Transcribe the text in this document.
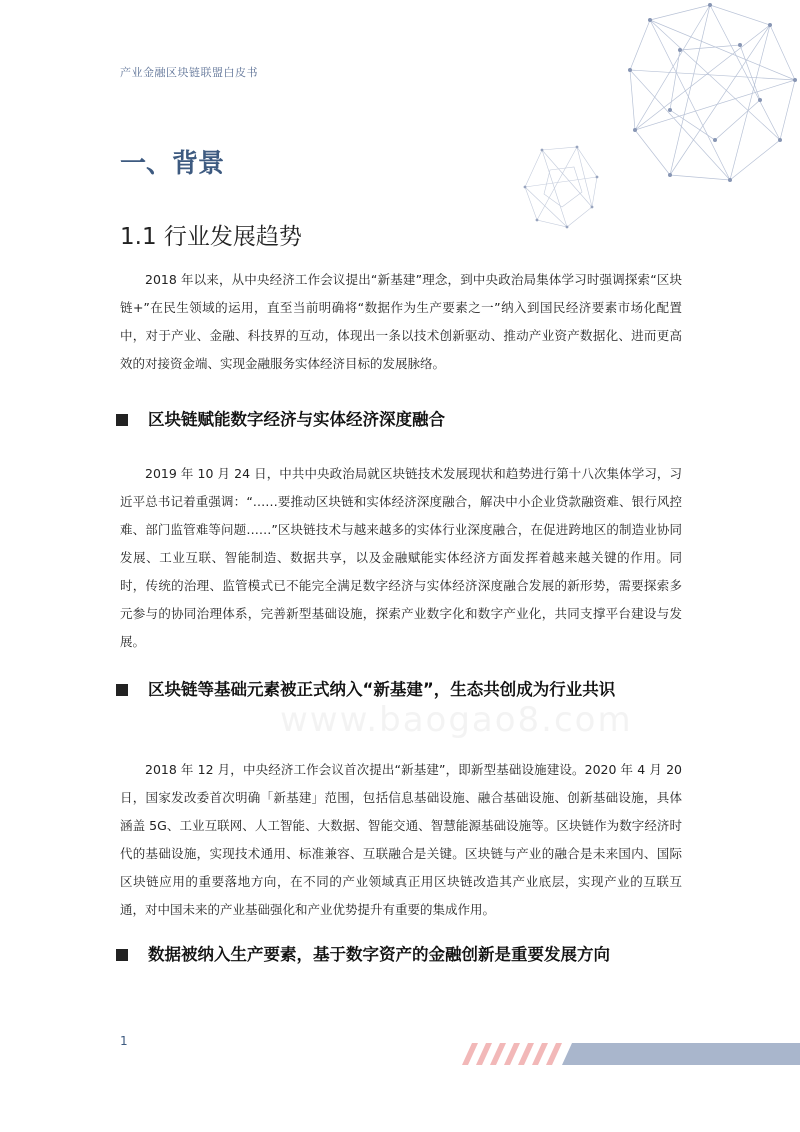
产业金融区块链联盟白皮书
一、背景
1.1 行业发展趋势

2018 年以来，从中央经济工作会议提出“新基建”理念，到中央政治局集体学习时强调探索“区块链+”在民生领域的运用，直至当前明确将“数据作为生产要素之一”纳入到国民经济要素市场化配置中，对于产业、金融、科技界的互动，体现出一条以技术创新驱动、推动产业资产数据化、进而更高效的对接资金端、实现金融服务实体经济目标的发展脉络。

区块链赋能数字经济与实体经济深度融合

2019 年 10 月 24 日，中共中央政治局就区块链技术发展现状和趋势进行第十八次集体学习，习近平总书记着重强调：“……要推动区块链和实体经济深度融合，解决中小企业贷款融资难、银行风控难、部门监管难等问题……”区块链技术与越来越多的实体行业深度融合，在促进跨地区的制造业协同发展、工业互联、智能制造、数据共享，以及金融赋能实体经济方面发挥着越来越关键的作用。同时，传统的治理、监管模式已不能完全满足数字经济与实体经济深度融合发展的新形势，需要探索多元参与的协同治理体系，完善新型基础设施，探索产业数字化和数字产业化，共同支撑平台建设与发展。

区块链等基础元素被正式纳入“新基建”，生态共创成为行业共识

2018 年 12 月，中央经济工作会议首次提出“新基建”，即新型基础设施建设。2020 年 4 月 20 日，国家发改委首次明确「新基建」范围，包括信息基础设施、融合基础设施、创新基础设施，具体涵盖 5G、工业互联网、人工智能、大数据、智能交通、智慧能源基础设施等。区块链作为数字经济时代的基础设施，实现技术通用、标准兼容、互联融合是关键。区块链与产业的融合是未来国内、国际区块链应用的重要落地方向，在不同的产业领域真正用区块链改造其产业底层，实现产业的互联互通，对中国未来的产业基础强化和产业优势提升有重要的集成作用。

数据被纳入生产要素，基于数字资产的金融创新是重要发展方向
www.baogao8.com
1
